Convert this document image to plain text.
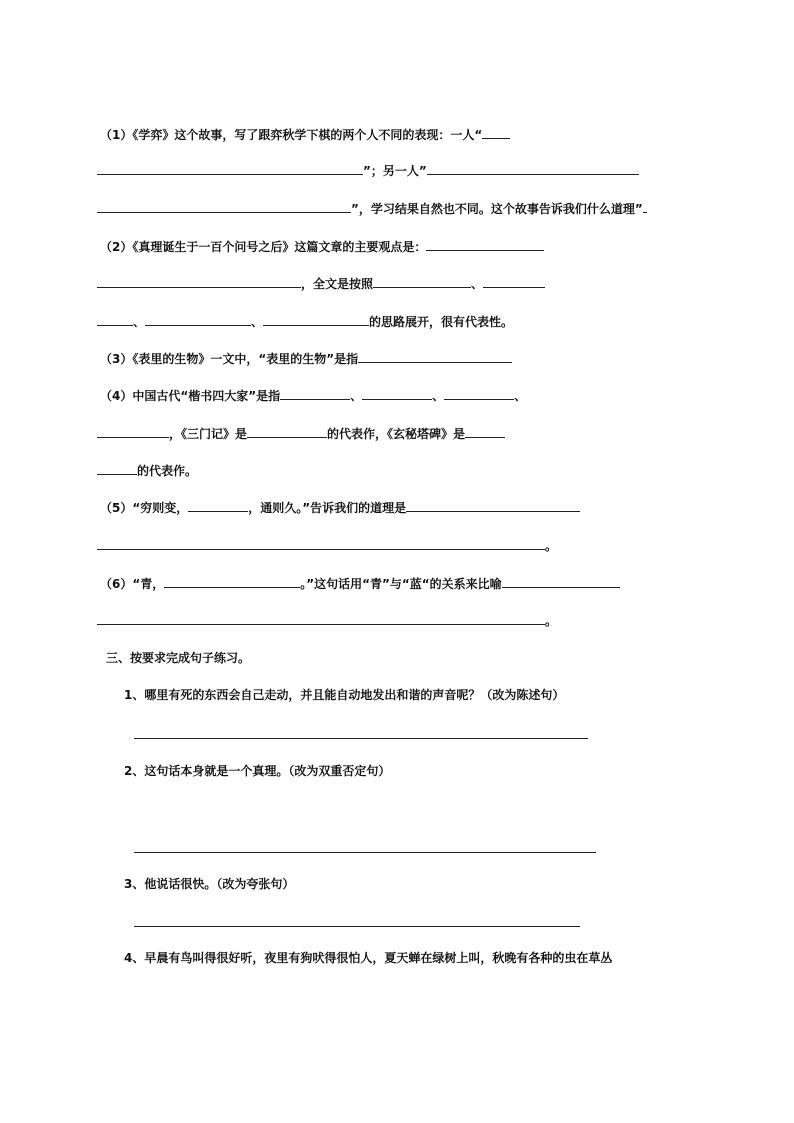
（1）《学弈》这个故事，写了跟弈秋学下棋的两个人不同的表现：一人“
”；另一人”
”，学习结果自然也不同。这个故事告诉我们什么道理”
（2）《真理诞生于一百个问号之后》这篇文章的主要观点是：
，全文是按照	、
、	、	的思路展开，很有代表性。
（3）《表里的生物》一文中，“表里的生物”是指
（4）中国古代“楷书四大家”是指	、	、	、
，《三门记》是	的代表作，《玄秘塔碑》是
的代表作。
（5）“穷则变，	，通则久。”告诉我们的道理是
。
（6）“青，	。”这句话用“青”与“蓝“的关系来比喻
。
三、按要求完成句子练习。
1、哪里有死的东西会自己走动，并且能自动地发出和谐的声音呢？（改为陈述句）
2、这句话本身就是一个真理。（改为双重否定句）
3、他说话很快。（改为夸张句）
4、早晨有鸟叫得很好听，夜里有狗吠得很怕人，夏天蝉在绿树上叫，秋晚有各种的虫在草丛
